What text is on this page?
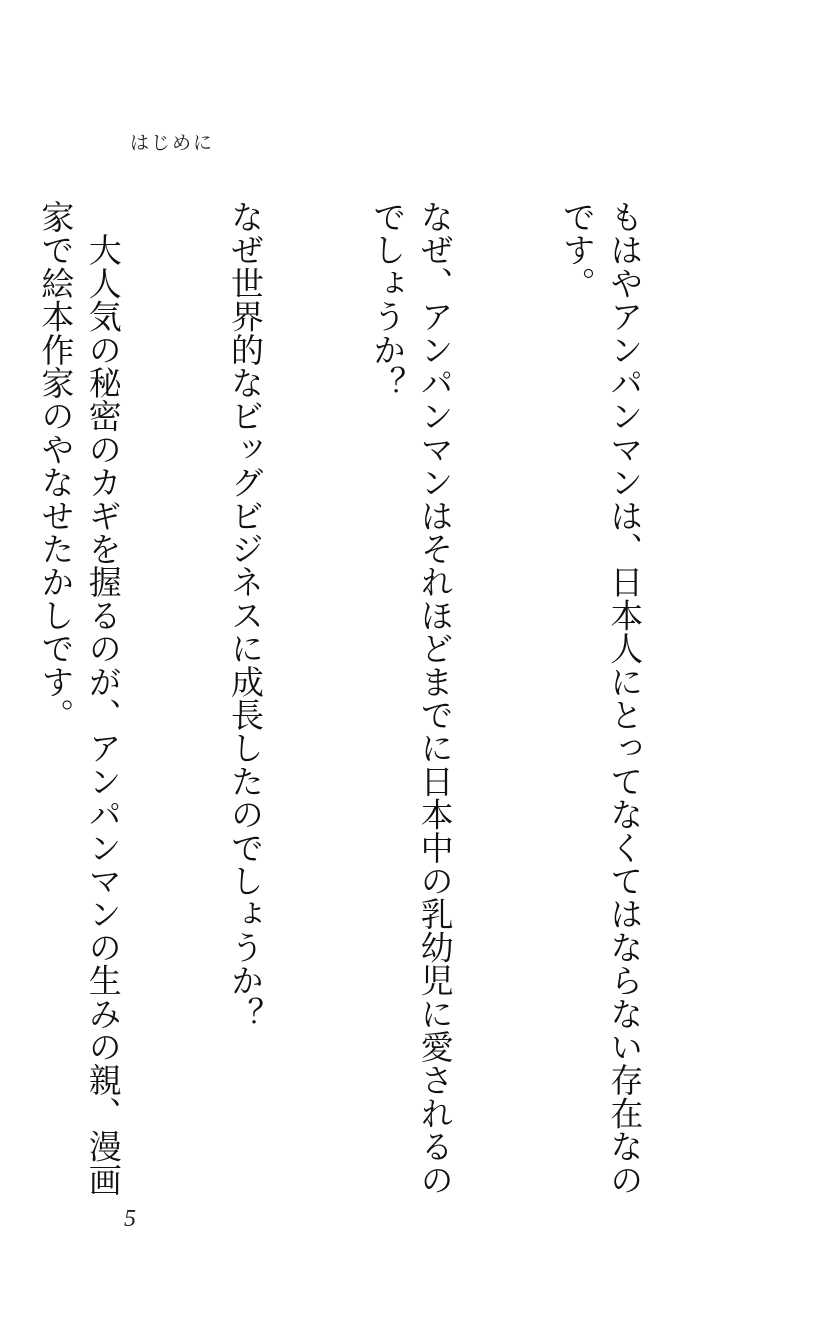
はじめに

もはやアンパンマンは、日本人にとってなくてはならない存在なのです。

なぜ、アンパンマンはそれほどまでに日本中の乳幼児に愛されるのでしょうか？

なぜ世界的なビッグビジネスに成長したのでしょうか？

　大人気の秘密のカギを握るのが、アンパンマンの生みの親、漫画家で絵本作家のやなせたかしです。

5
